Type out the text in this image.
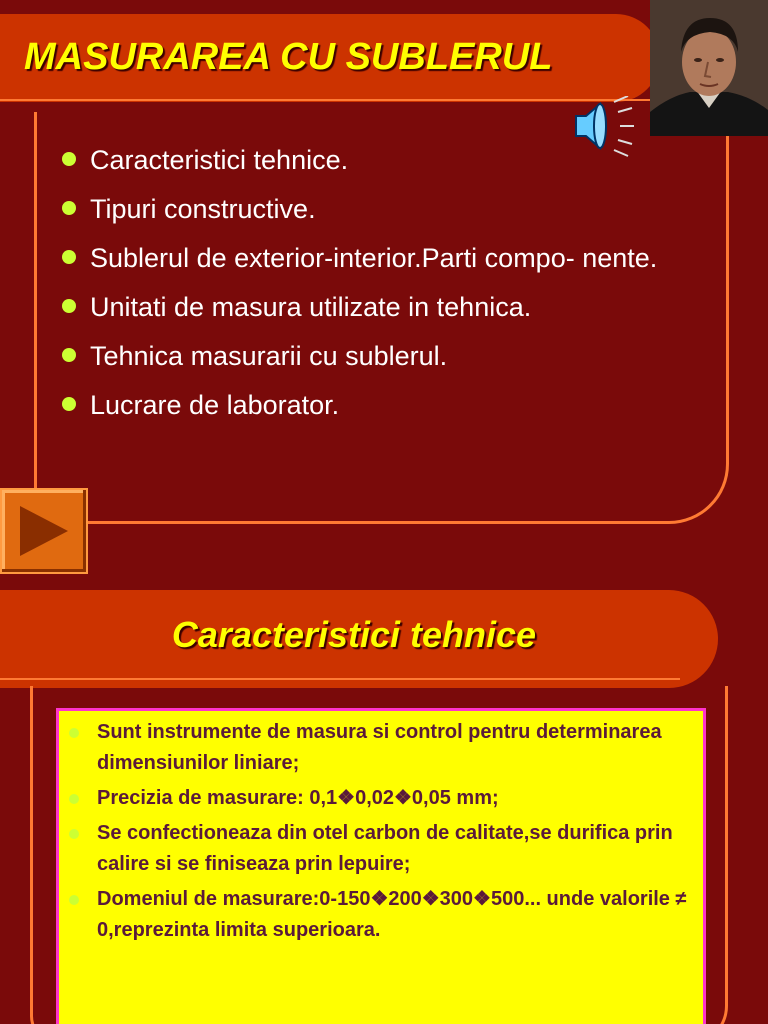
MASURAREA CU SUBLERUL
Caracteristici tehnice.
Tipuri constructive.
Sublerul de exterior-interior.Parti compo- nente.
Unitati de masura utilizate in tehnica.
Tehnica masurarii cu sublerul.
Lucrare de laborator.
Caracteristici tehnice
Sunt instrumente de masura si control pentru determinarea dimensiunilor liniare;
Precizia de masurare: 0,1❖0,02❖0,05 mm;
Se confectioneaza din otel carbon de calitate,se durifica prin calire si se finiseaza prin lepuire;
Domeniul de masurare:0-150❖200❖300❖500... unde valorile ≠ 0,reprezinta limita superioara.
